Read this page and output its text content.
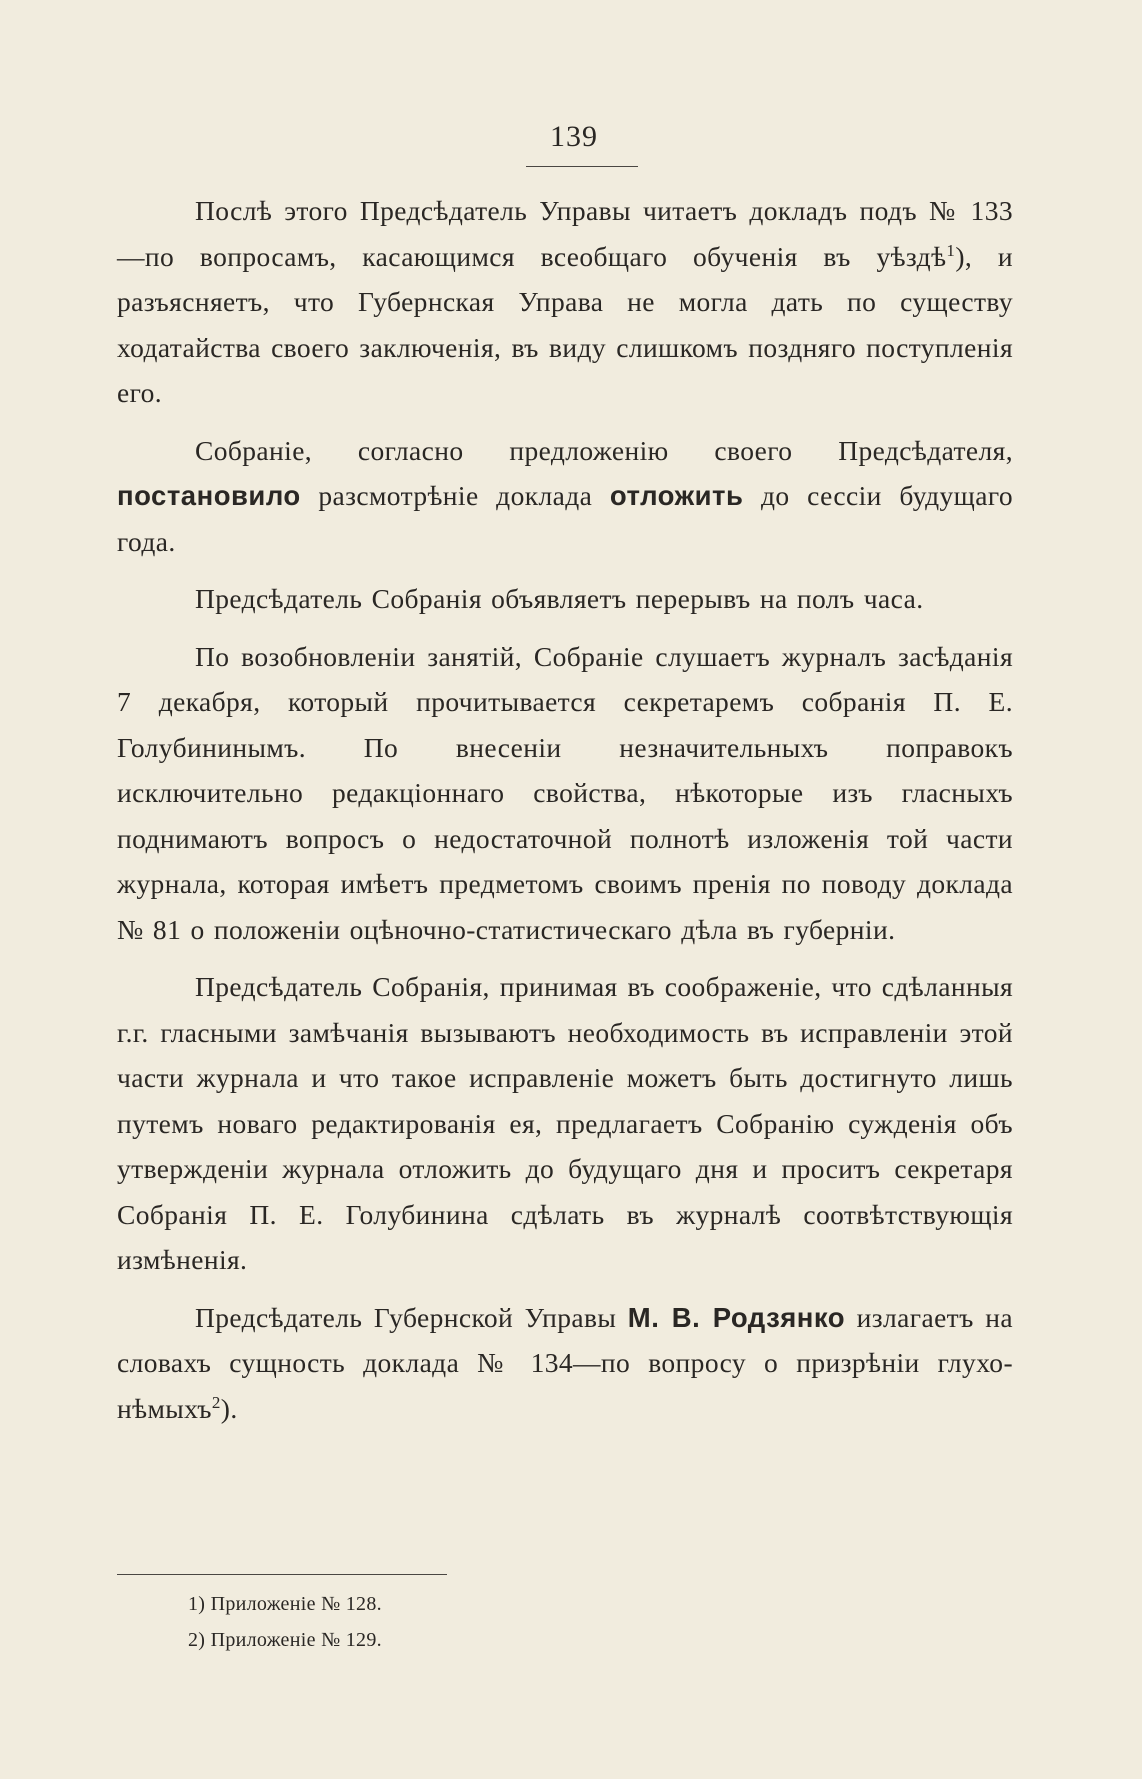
139

Послѣ этого Предсѣдатель Управы читаетъ докладъ подъ № 133—по вопросамъ, касающимся всеобщаго обученія въ уѣздѣ$^1$), и разъясняетъ, что Губернская Управа не могла дать по существу ходатайства своего заключенія, въ виду слишкомъ поздняго поступленія его.

Собраніе, согласно предложенію своего Предсѣдателя, постановило разсмотрѣніе доклада отложить до сессіи будущаго года.

Предсѣдатель Собранія объявляетъ перерывъ на полъ часа.

По возобновленіи занятій, Собраніе слушаетъ журналъ засѣданія 7 декабря, который прочитывается секретаремъ собранія П. Е. Голубининымъ. По внесеніи незначительныхъ поправокъ исключительно редакціоннаго свойства, нѣкоторые изъ гласныхъ поднимаютъ вопросъ о недостаточной полнотѣ изложенія той части журнала, которая имѣетъ предметомъ своимъ пренія по поводу доклада № 81 о положеніи оцѣночно-статистическаго дѣла въ губерніи.

Предсѣдатель Собранія, принимая въ соображеніе, что сдѣланныя г.г. гласными замѣчанія вызываютъ необходимость въ исправленіи этой части журнала и что такое исправленіе можетъ быть достигнуто лишь путемъ новаго редактированія ея, предлагаетъ Собранію сужденія объ утвержденіи журнала отложить до будущаго дня и проситъ секретаря Собранія П. Е. Голубинина сдѣлать въ журналѣ соотвѣтствующія измѣненія.

Предсѣдатель Губернской Управы М. В. Родзянко излагаетъ на словахъ сущность доклада № 134—по вопросу о призрѣніи глухо-нѣмыхъ$^2$).

1) Приложеніе № 128.

2) Приложеніе № 129.
